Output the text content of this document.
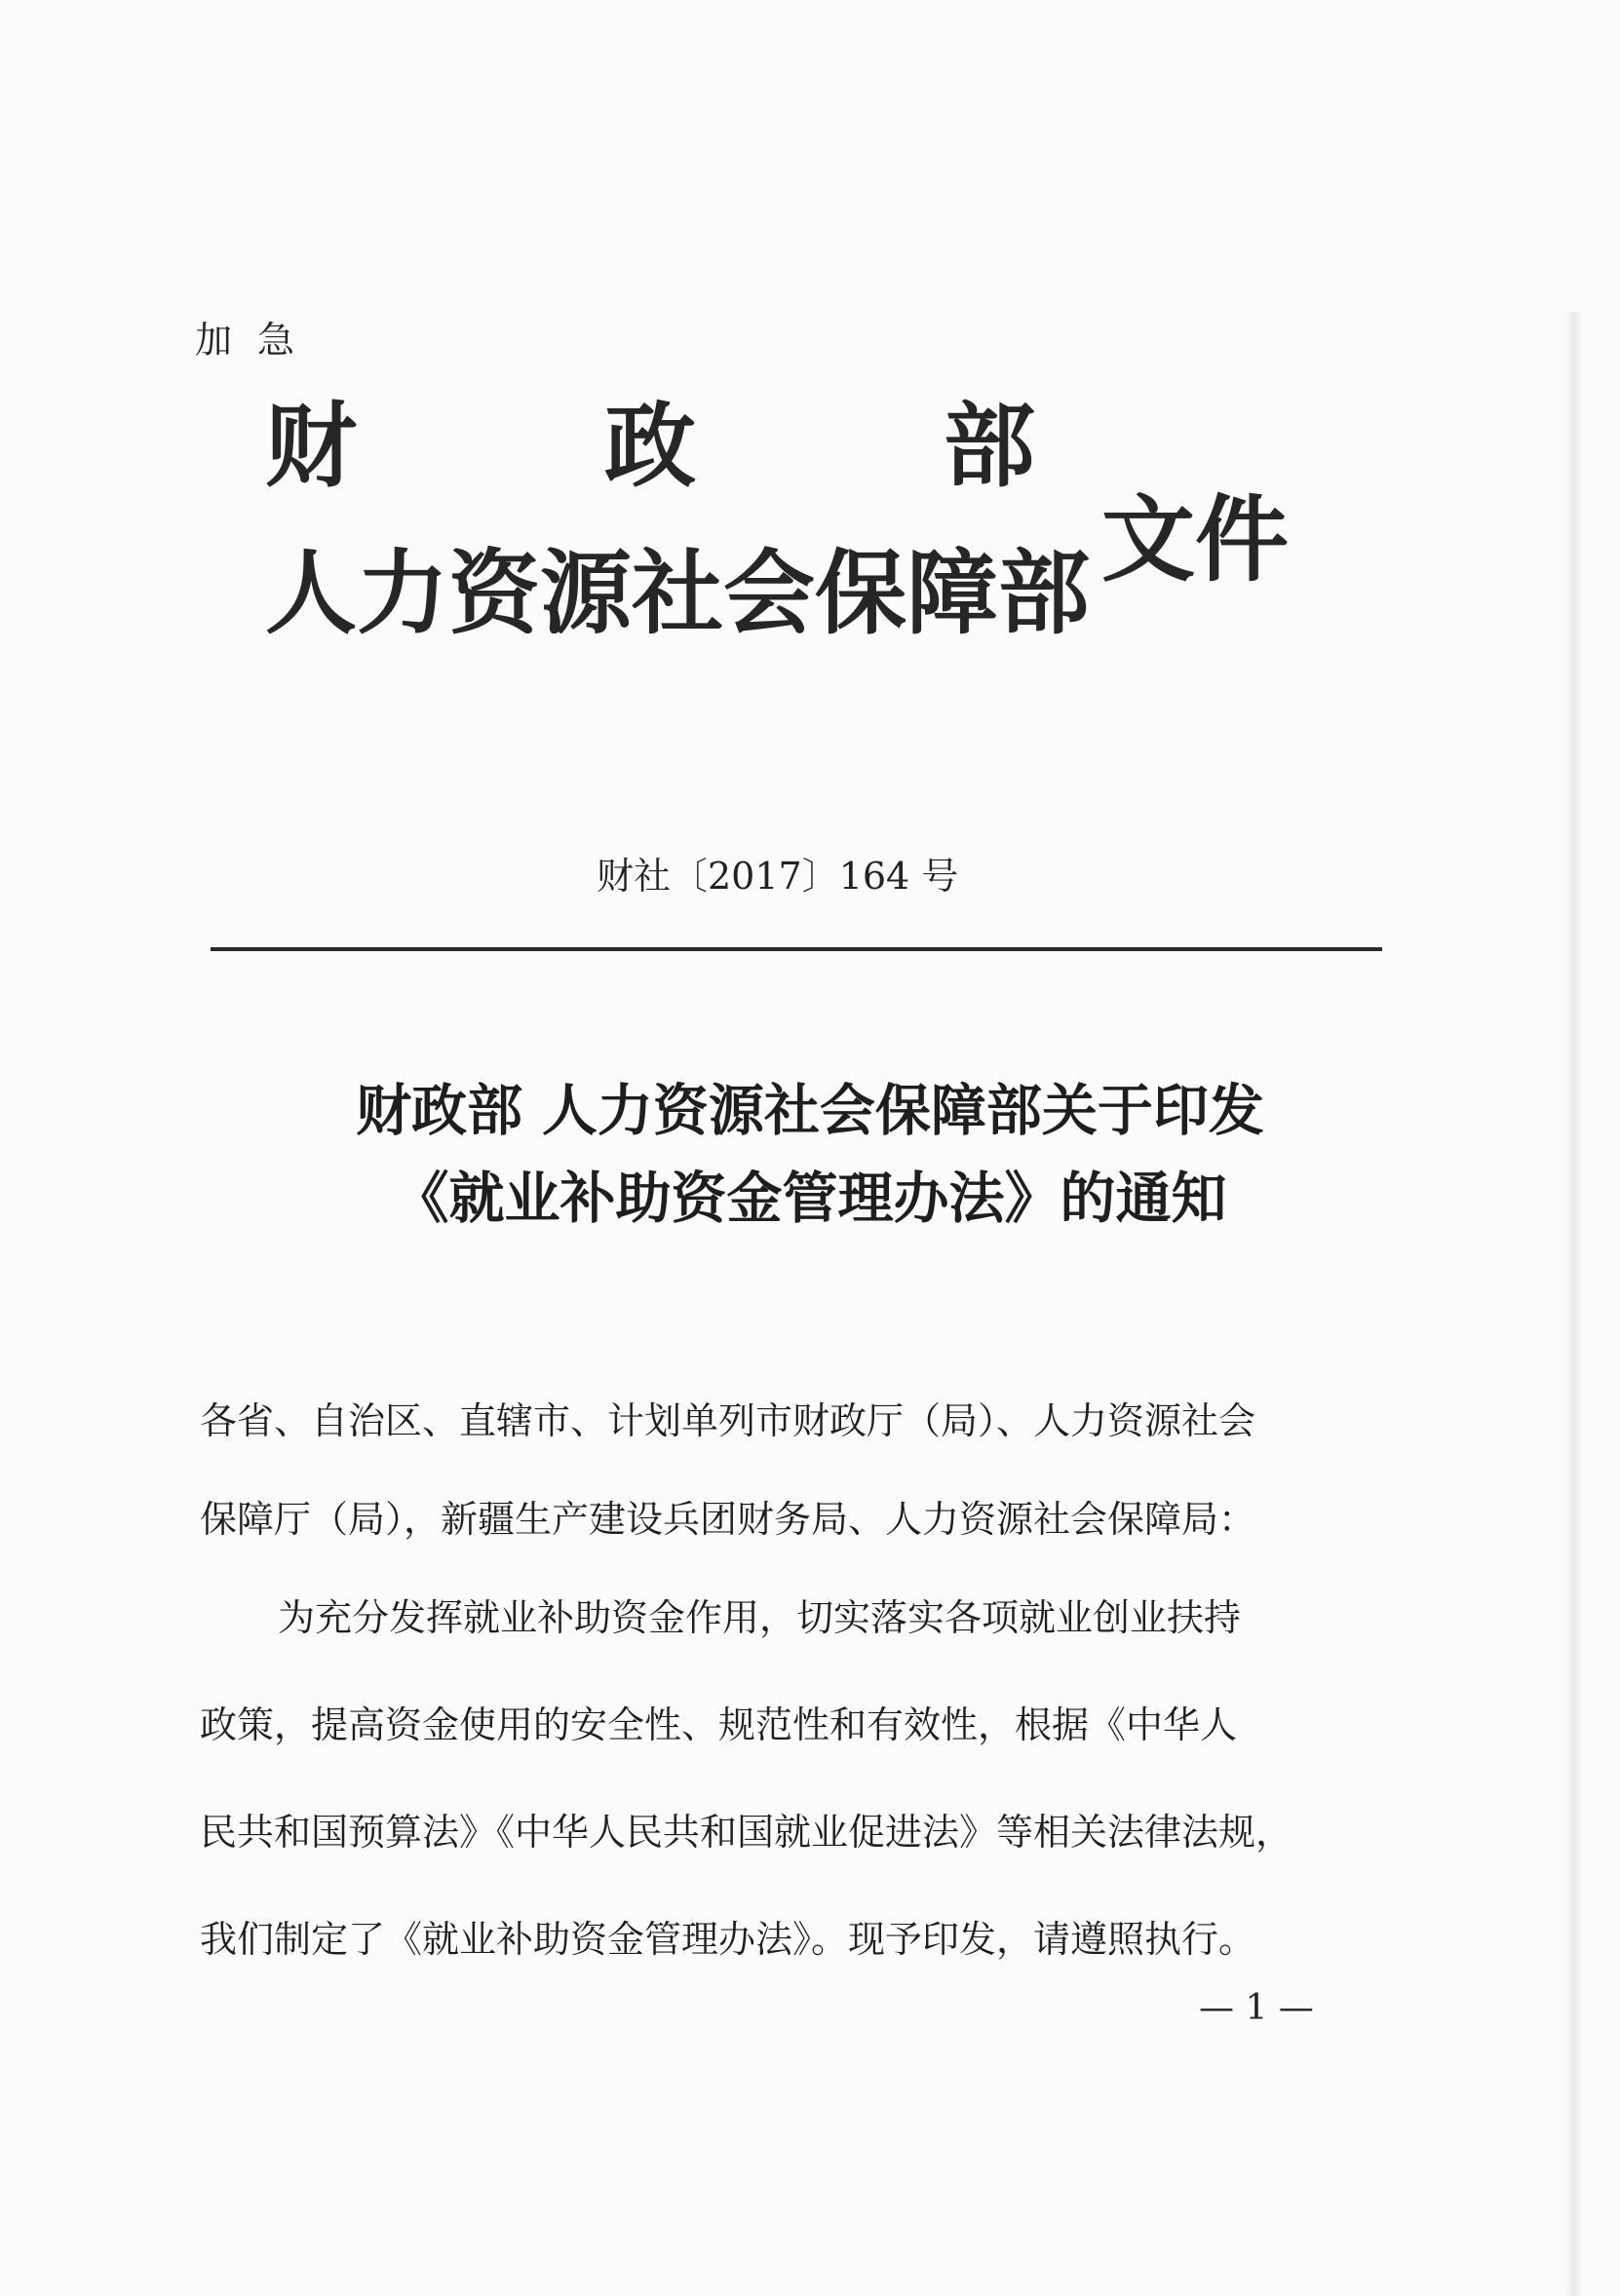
加急
财政部
人力资源社会保障部 文件
财社〔2017〕164 号
财政部 人力资源社会保障部关于印发
《就业补助资金管理办法》的通知
各省、自治区、直辖市、计划单列市财政厅（局）、人力资源社会
保障厅（局），新疆生产建设兵团财务局、人力资源社会保障局：
为充分发挥就业补助资金作用，切实落实各项就业创业扶持
政策，提高资金使用的安全性、规范性和有效性，根据《中华人
民共和国预算法》《中华人民共和国就业促进法》等相关法律法规，
我们制定了《就业补助资金管理办法》。现予印发，请遵照执行。
— 1 —
